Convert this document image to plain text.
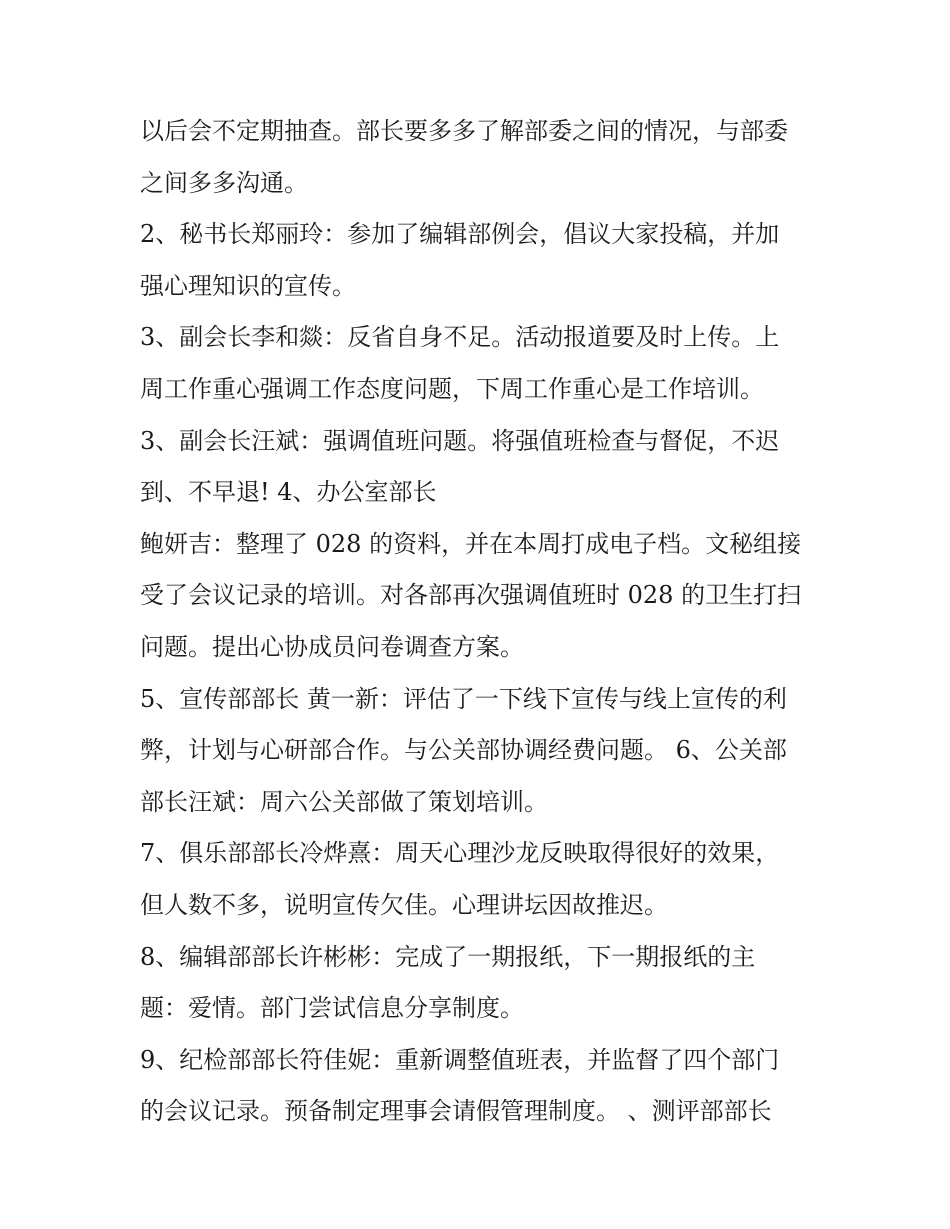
以后会不定期抽查。部长要多多了解部委之间的情况，与部委
之间多多沟通。
2、秘书长郑丽玲：参加了编辑部例会，倡议大家投稿，并加
强心理知识的宣传。
3、副会长李和燚：反省自身不足。活动报道要及时上传。上
周工作重心强调工作态度问题，下周工作重心是工作培训。
3、副会长汪斌：强调值班问题。将强值班检查与督促，不迟
到、不早退! 4、办公室部长
鲍妍吉：整理了 028 的资料，并在本周打成电子档。文秘组接
受了会议记录的培训。对各部再次强调值班时 028 的卫生打扫
问题。提出心协成员问卷调查方案。
5、宣传部部长 黄一新：评估了一下线下宣传与线上宣传的利
弊，计划与心研部合作。与公关部协调经费问题。 6、公关部
部长汪斌：周六公关部做了策划培训。
7、俱乐部部长冷烨熹：周天心理沙龙反映取得很好的效果，
但人数不多，说明宣传欠佳。心理讲坛因故推迟。
8、编辑部部长许彬彬：完成了一期报纸，下一期报纸的主
题：爱情。部门尝试信息分享制度。
9、纪检部部长符佳妮：重新调整值班表，并监督了四个部门
的会议记录。预备制定理事会请假管理制度。 、测评部部长
